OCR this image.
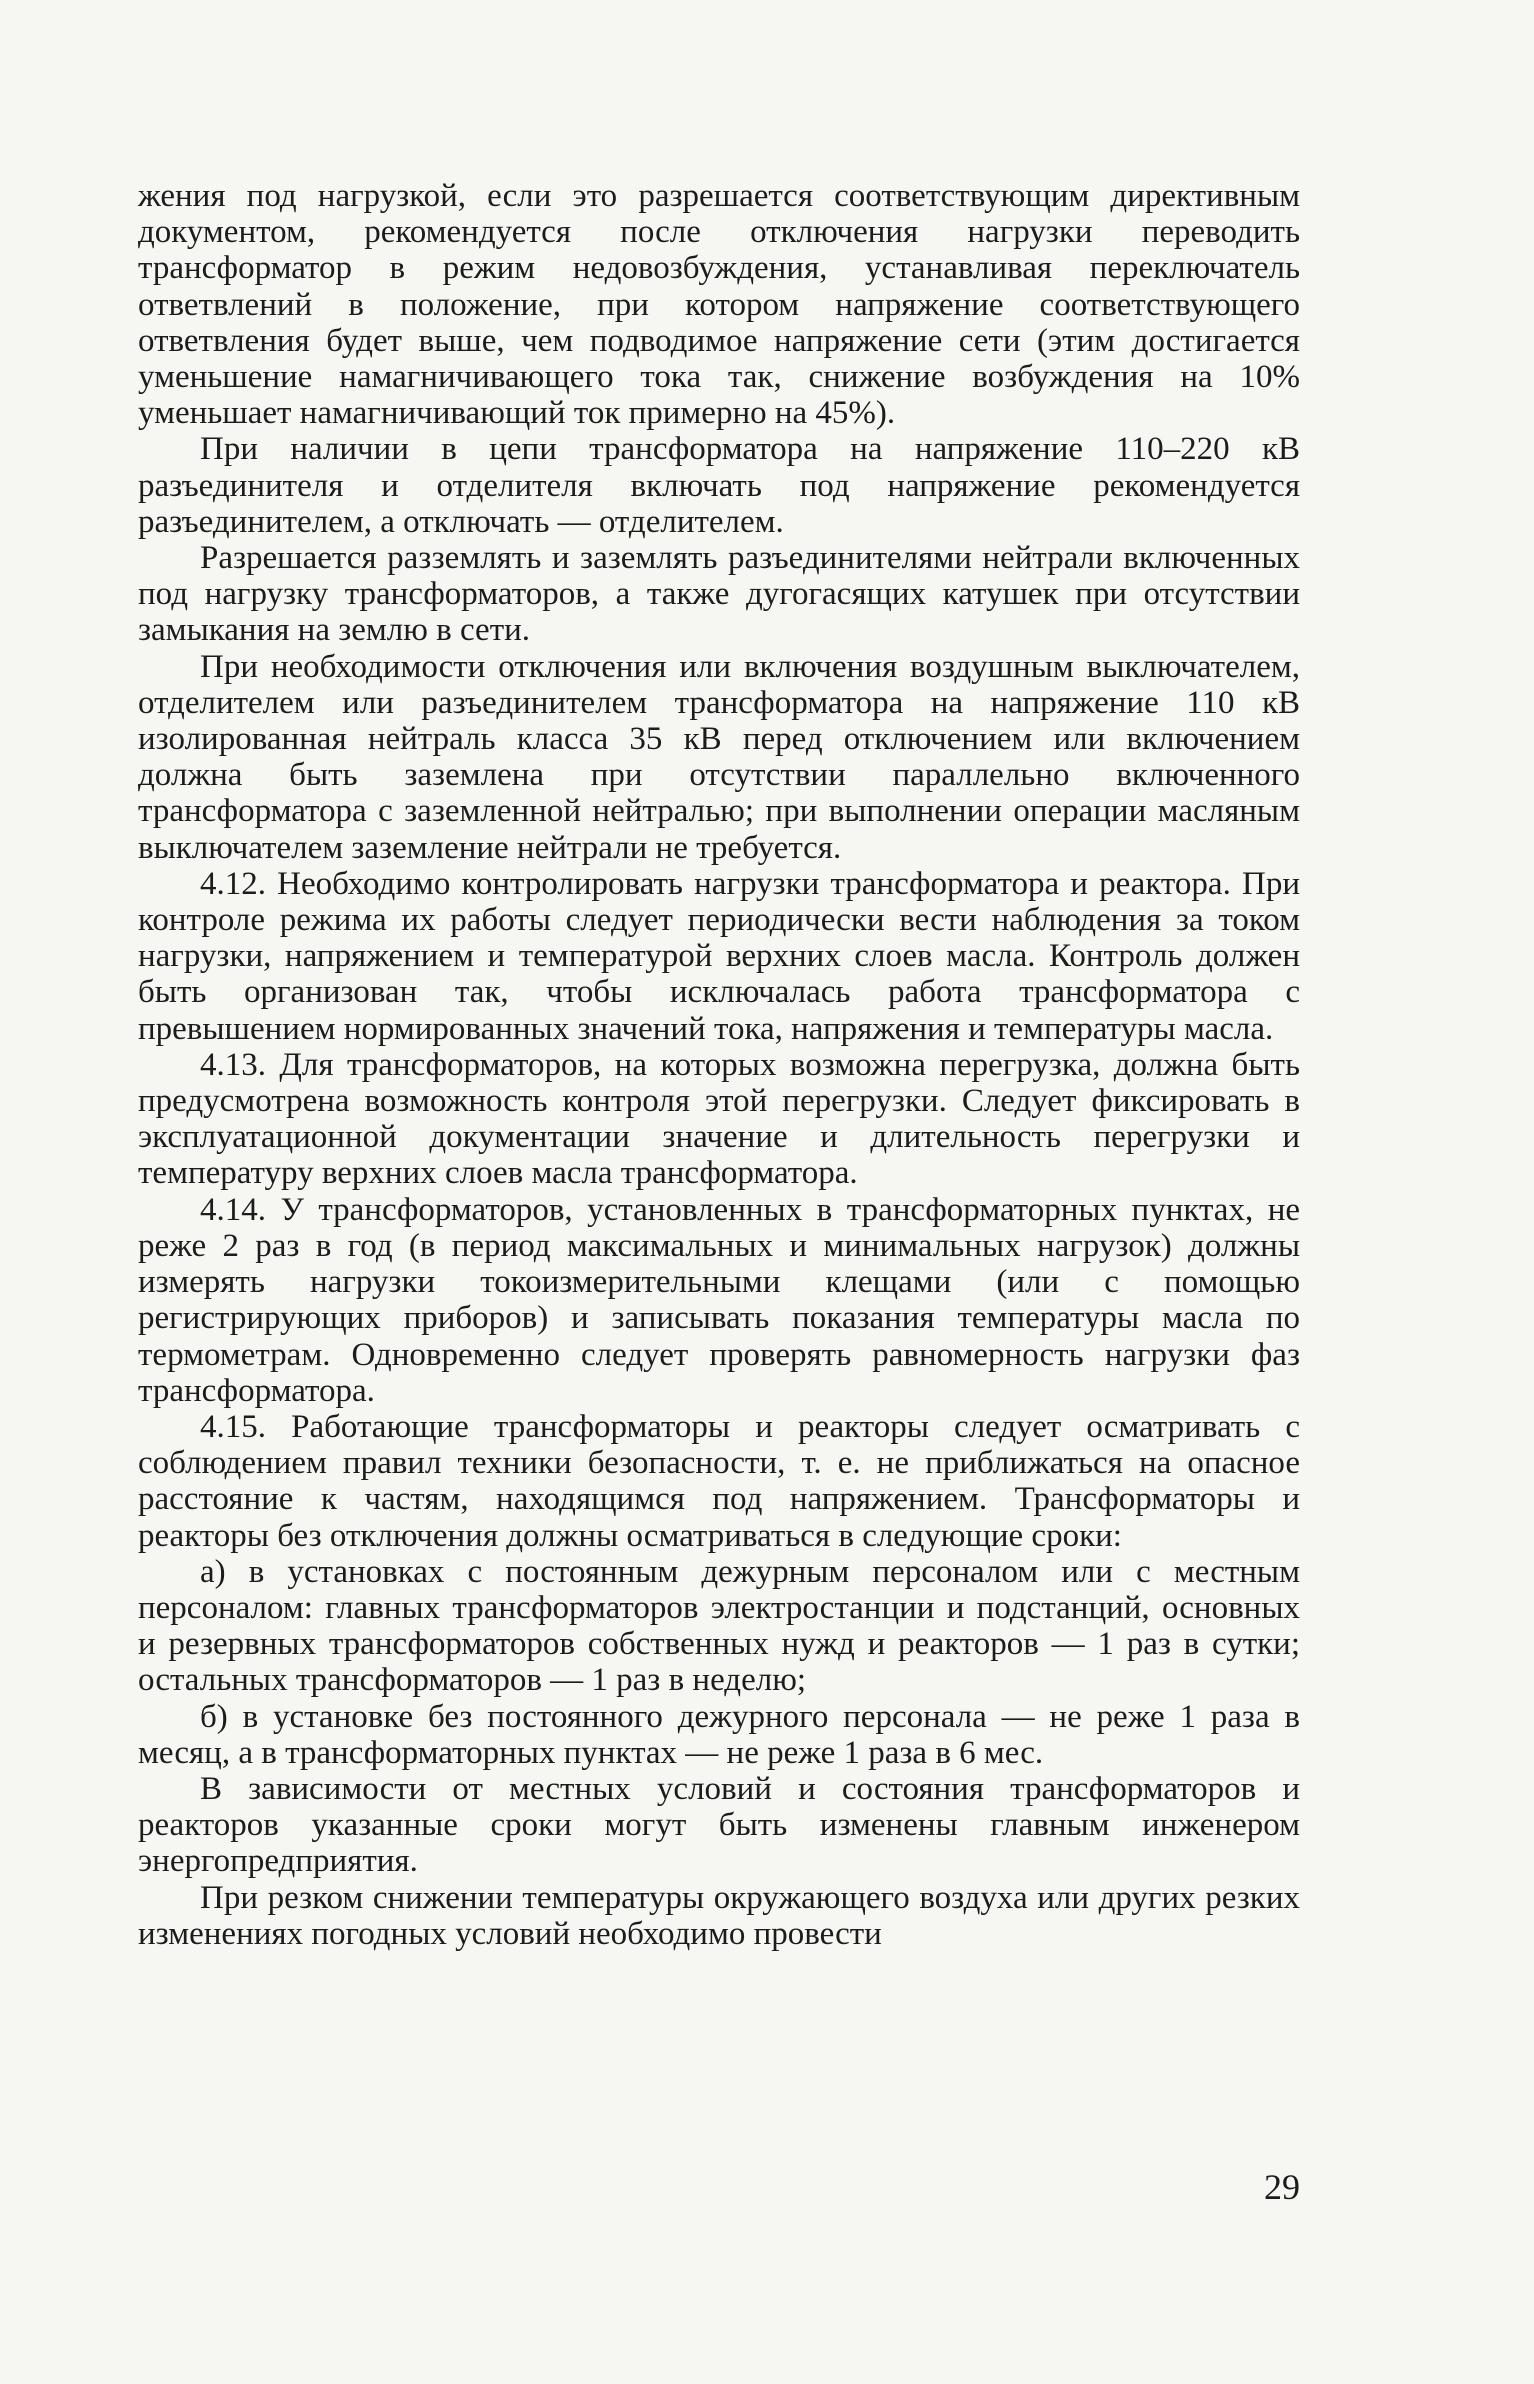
жения под нагрузкой, если это разрешается соответствующим директивным документом, рекомендуется после отключения нагрузки переводить трансформатор в режим недовозбуждения, устанавливая переключатель ответвлений в положение, при котором напряжение соответствующего ответвления будет выше, чем подводимое напряжение сети (этим достигается уменьшение намагничивающего тока так, снижение возбуждения на 10% уменьшает намагничивающий ток примерно на 45%).

При наличии в цепи трансформатора на напряжение 110–220 кВ разъединителя и отделителя включать под напряжение рекомендуется разъединителем, а отключать — отделителем.

Разрешается разземлять и заземлять разъединителями нейтрали включенных под нагрузку трансформаторов, а также дугогасящих катушек при отсутствии замыкания на землю в сети.

При необходимости отключения или включения воздушным выключателем, отделителем или разъединителем трансформатора на напряжение 110 кВ изолированная нейтраль класса 35 кВ перед отключением или включением должна быть заземлена при отсутствии параллельно включенного трансформатора с заземленной нейтралью; при выполнении операции масляным выключателем заземление нейтрали не требуется.

4.12. Необходимо контролировать нагрузки трансформатора и реактора. При контроле режима их работы следует периодически вести наблюдения за током нагрузки, напряжением и температурой верхних слоев масла. Контроль должен быть организован так, чтобы исключалась работа трансформатора с превышением нормированных значений тока, напряжения и температуры масла.

4.13. Для трансформаторов, на которых возможна перегрузка, должна быть предусмотрена возможность контроля этой перегрузки. Следует фиксировать в эксплуатационной документации значение и длительность перегрузки и температуру верхних слоев масла трансформатора.

4.14. У трансформаторов, установленных в трансформаторных пунктах, не реже 2 раз в год (в период максимальных и минимальных нагрузок) должны измерять нагрузки токоизмерительными клещами (или с помощью регистрирующих приборов) и записывать показания температуры масла по термометрам. Одновременно следует проверять равномерность нагрузки фаз трансформатора.

4.15. Работающие трансформаторы и реакторы следует осматривать с соблюдением правил техники безопасности, т. е. не приближаться на опасное расстояние к частям, находящимся под напряжением. Трансформаторы и реакторы без отключения должны осматриваться в следующие сроки:

а) в установках с постоянным дежурным персоналом или с местным персоналом: главных трансформаторов электростанции и подстанций, основных и резервных трансформаторов собственных нужд и реакторов — 1 раз в сутки; остальных трансформаторов — 1 раз в неделю;

б) в установке без постоянного дежурного персонала — не реже 1 раза в месяц, а в трансформаторных пунктах — не реже 1 раза в 6 мес.

В зависимости от местных условий и состояния трансформаторов и реакторов указанные сроки могут быть изменены главным инженером энергопредприятия.

При резком снижении температуры окружающего воздуха или других резких изменениях погодных условий необходимо провести

29
